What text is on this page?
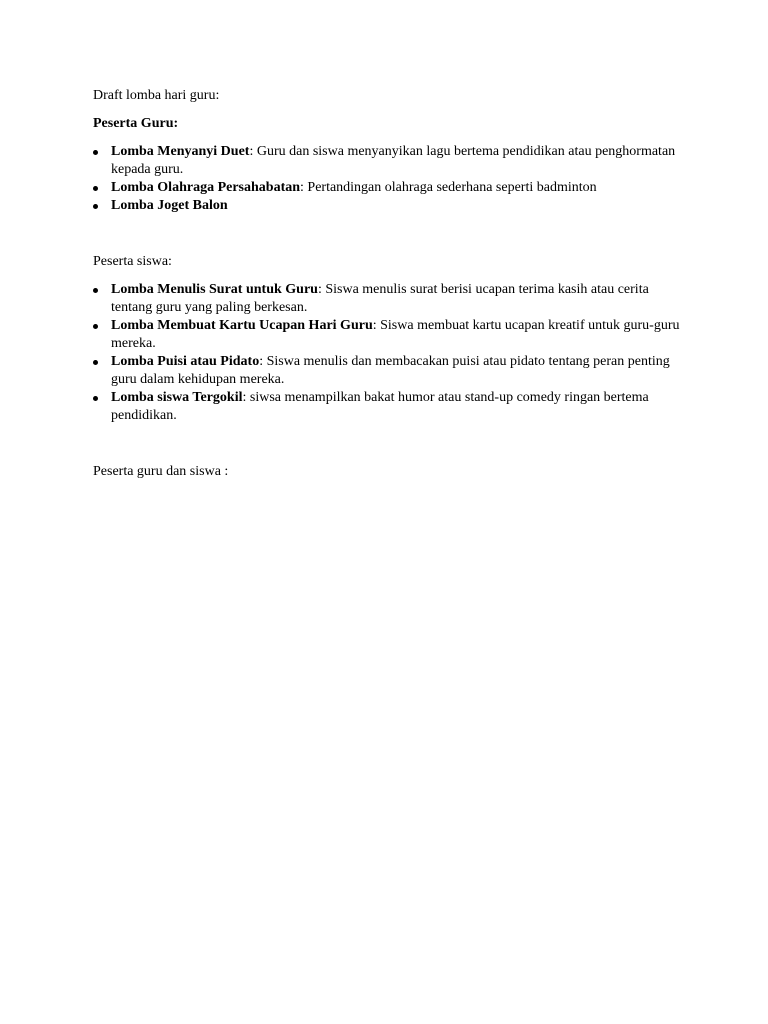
Draft lomba hari guru:

Peserta Guru:

Lomba Menyanyi Duet: Guru dan siswa menyanyikan lagu bertema pendidikan atau penghormatan kepada guru.
Lomba Olahraga Persahabatan: Pertandingan olahraga sederhana seperti badminton
Lomba Joget Balon

Peserta siswa:

Lomba Menulis Surat untuk Guru: Siswa menulis surat berisi ucapan terima kasih atau cerita tentang guru yang paling berkesan.
Lomba Membuat Kartu Ucapan Hari Guru: Siswa membuat kartu ucapan kreatif untuk guru-guru mereka.
Lomba Puisi atau Pidato: Siswa menulis dan membacakan puisi atau pidato tentang peran penting guru dalam kehidupan mereka.
Lomba siswa Tergokil: siwsa menampilkan bakat humor atau stand-up comedy ringan bertema pendidikan.

Peserta guru dan siswa :
